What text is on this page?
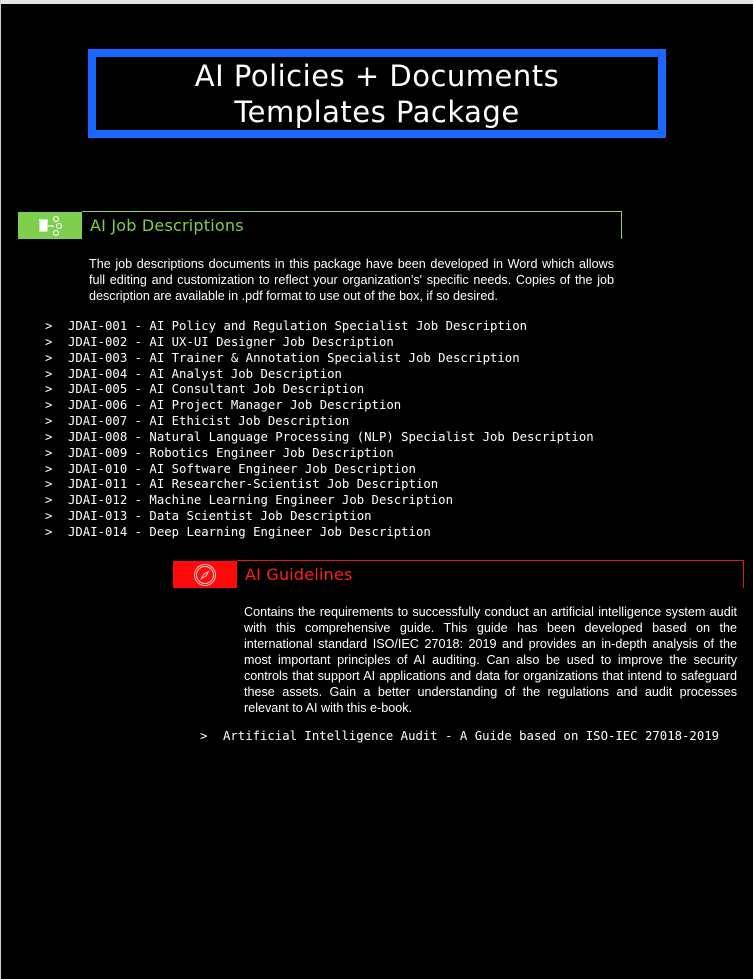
AI Policies + Documents
Templates Package
AI Job Descriptions
The job descriptions documents in this package have been developed in Word which allows full editing and customization to reflect your organization's' specific needs. Copies of the job description are available in .pdf format to use out of the box, if so desired.
>	JDAI-001 - AI Policy and Regulation Specialist Job Description
>	JDAI-002 - AI UX-UI Designer Job Description
>	JDAI-003 - AI Trainer & Annotation Specialist Job Description
>	JDAI-004 - AI Analyst Job Description
>	JDAI-005 - AI Consultant Job Description
>	JDAI-006 - AI Project Manager Job Description
>	JDAI-007 - AI Ethicist Job Description
>	JDAI-008 - Natural Language Processing (NLP) Specialist Job Description
>	JDAI-009 - Robotics Engineer Job Description
>	JDAI-010 - AI Software Engineer Job Description
>	JDAI-011 - AI Researcher-Scientist Job Description
>	JDAI-012 - Machine Learning Engineer Job Description
>	JDAI-013 - Data Scientist Job Description
>	JDAI-014 - Deep Learning Engineer Job Description
AI Guidelines
Contains the requirements to successfully conduct an artificial intelligence system audit with this comprehensive guide. This guide has been developed based on the international standard ISO/IEC 27018: 2019 and provides an in-depth analysis of the most important principles of AI auditing. Can also be used to improve the security controls that support AI applications and data for organizations that intend to safeguard these assets. Gain a better understanding of the regulations and audit processes relevant to AI with this e-book.
>	Artificial Intelligence Audit - A Guide based on ISO-IEC 27018-2019
